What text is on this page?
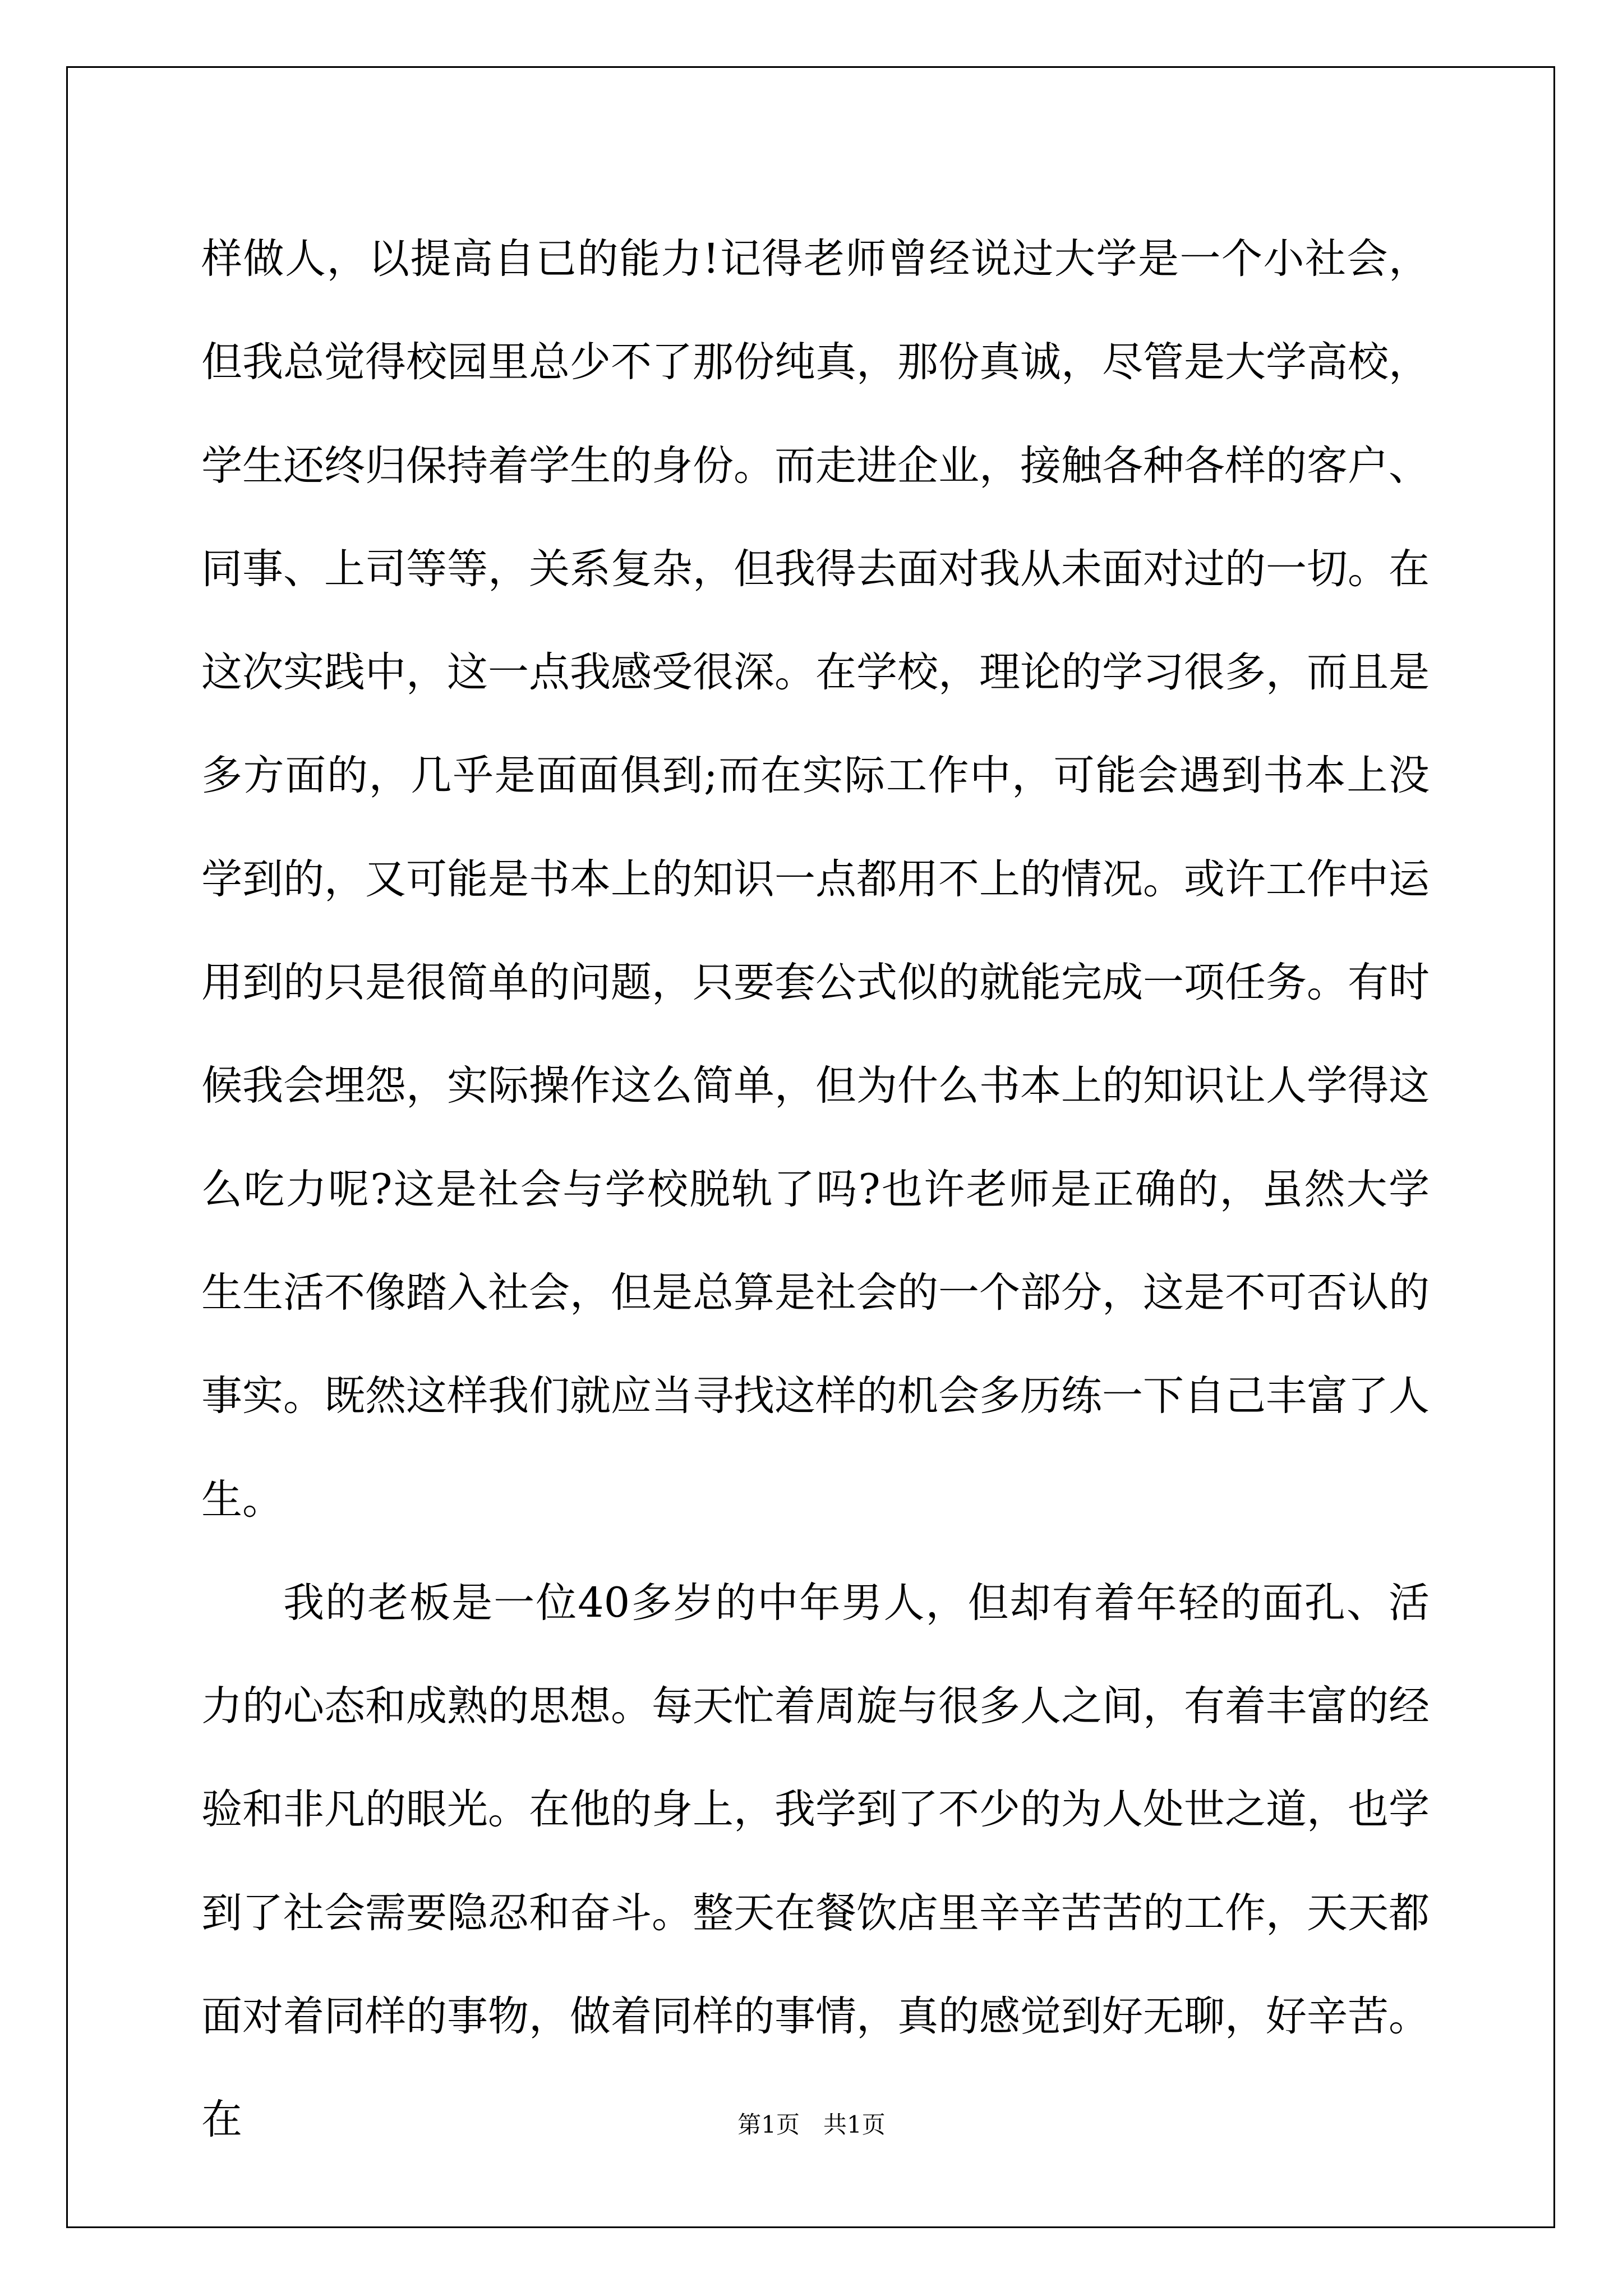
样做人，以提高自已的能力!记得老师曾经说过大学是一个小社会，但我总觉得校园里总少不了那份纯真，那份真诚，尽管是大学高校，学生还终归保持着学生的身份。而走进企业，接触各种各样的客户、同事、上司等等，关系复杂，但我得去面对我从未面对过的一切。在这次实践中，这一点我感受很深。在学校，理论的学习很多，而且是多方面的，几乎是面面俱到;而在实际工作中，可能会遇到书本上没学到的，又可能是书本上的知识一点都用不上的情况。或许工作中运用到的只是很简单的问题，只要套公式似的就能完成一项任务。有时候我会埋怨，实际操作这么简单，但为什么书本上的知识让人学得这么吃力呢?这是社会与学校脱轨了吗?也许老师是正确的，虽然大学生生活不像踏入社会，但是总算是社会的一个部分，这是不可否认的事实。既然这样我们就应当寻找这样的机会多历练一下自己丰富了人生。

我的老板是一位40多岁的中年男人，但却有着年轻的面孔、活力的心态和成熟的思想。每天忙着周旋与很多人之间，有着丰富的经验和非凡的眼光。在他的身上，我学到了不少的为人处世之道，也学到了社会需要隐忍和奋斗。整天在餐饮店里辛辛苦苦的工作，天天都面对着同样的事物，做着同样的事情，真的感觉到好无聊，好辛苦。在	第1页　共1页
